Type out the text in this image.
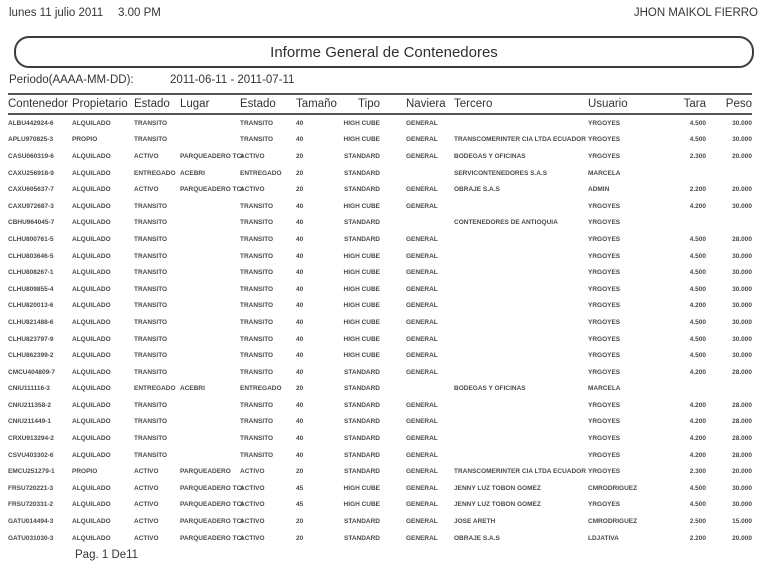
lunes 11 julio 2011 3.00 PM	JHON MAIKOL FIERRO
Informe General de Contenedores
Periodo(AAAA-MM-DD):	2011-06-11 - 2011-07-11
Contenedor	Propietario	Estado	Lugar	Estado	Tamaño	Tipo	Naviera	Tercero	Usuario	Tara	Peso
ALBU442924-6	ALQUILADO	TRANSITO		TRANSITO	40	HIGH CUBE	GENERAL		YRGOYES	4.500	30.000
APLU970825-3	PROPIO	TRANSITO		TRANSITO	40	HIGH CUBE	GENERAL	TRANSCOMERINTER CIA LTDA ECUADOR	YRGOYES	4.500	30.000
CASU060319-6	ALQUILADO	ACTIVO	PARQUEADERO TCI	ACTIVO	20	STANDARD	GENERAL	BODEGAS Y OFICINAS	YRGOYES	2.300	20.000
CAXU256918-9	ALQUILADO	ENTREGADO	ACEBRI	ENTREGADO	20	STANDARD		SERVICONTENEDORES S.A.S	MARCELA		
CAXU605637-7	ALQUILADO	ACTIVO	PARQUEADERO TCI	ACTIVO	20	STANDARD	GENERAL	OBRAJE S.A.S	ADMIN	2.200	20.000
CAXU972687-3	ALQUILADO	TRANSITO		TRANSITO	40	HIGH CUBE	GENERAL		YRGOYES	4.200	30.000
CBHU964045-7	ALQUILADO	TRANSITO		TRANSITO	40	STANDARD		CONTENEDORES DE ANTIOQUIA	YRGOYES		
CLHU800761-5	ALQUILADO	TRANSITO		TRANSITO	40	STANDARD	GENERAL		YRGOYES	4.500	28.000
CLHU803646-5	ALQUILADO	TRANSITO		TRANSITO	40	HIGH CUBE	GENERAL		YRGOYES	4.500	30.000
CLHU808267-1	ALQUILADO	TRANSITO		TRANSITO	40	HIGH CUBE	GENERAL		YRGOYES	4.500	30.000
CLHU809855-4	ALQUILADO	TRANSITO		TRANSITO	40	HIGH CUBE	GENERAL		YRGOYES	4.500	30.000
CLHU820013-6	ALQUILADO	TRANSITO		TRANSITO	40	HIGH CUBE	GENERAL		YRGOYES	4.200	30.000
CLHU821488-6	ALQUILADO	TRANSITO		TRANSITO	40	HIGH CUBE	GENERAL		YRGOYES	4.500	30.000
CLHU823797-9	ALQUILADO	TRANSITO		TRANSITO	40	HIGH CUBE	GENERAL		YRGOYES	4.500	30.000
CLHU862399-2	ALQUILADO	TRANSITO		TRANSITO	40	HIGH CUBE	GENERAL		YRGOYES	4.500	30.000
CMCU404809-7	ALQUILADO	TRANSITO		TRANSITO	40	STANDARD	GENERAL		YRGOYES	4.200	28.000
CNIU111116-3	ALQUILADO	ENTREGADO	ACEBRI	ENTREGADO	20	STANDARD		BODEGAS Y OFICINAS	MARCELA		
CNIU211358-2	ALQUILADO	TRANSITO		TRANSITO	40	STANDARD	GENERAL		YRGOYES	4.200	28.000
CNIU211449-1	ALQUILADO	TRANSITO		TRANSITO	40	STANDARD	GENERAL		YRGOYES	4.200	28.000
CRXU913294-2	ALQUILADO	TRANSITO		TRANSITO	40	STANDARD	GENERAL		YRGOYES	4.200	28.000
CSVU403302-6	ALQUILADO	TRANSITO		TRANSITO	40	STANDARD	GENERAL		YRGOYES	4.200	28.000
EMCU251279-1	PROPIO	ACTIVO	PARQUEADERO	ACTIVO	20	STANDARD	GENERAL	TRANSCOMERINTER CIA LTDA ECUADOR	YRGOYES	2.300	20.000
FRSU720221-3	ALQUILADO	ACTIVO	PARQUEADERO TCI	ACTIVO	45	HIGH CUBE	GENERAL	JENNY LUZ TOBON GOMEZ	CMRODRIGUEZ	4.500	30.000
FRSU720331-2	ALQUILADO	ACTIVO	PARQUEADERO TCI	ACTIVO	45	HIGH CUBE	GENERAL	JENNY LUZ TOBON GOMEZ	YRGOYES	4.500	30.000
GATU014494-3	ALQUILADO	ACTIVO	PARQUEADERO TCI	ACTIVO	20	STANDARD	GENERAL	JOSE ARETH	CMRODRIGUEZ	2.500	15.000
GATU031030-3	ALQUILADO	ACTIVO	PARQUEADERO TCI	ACTIVO	20	STANDARD	GENERAL	OBRAJE S.A.S	LDJATIVA	2.200	20.000
Pag. 1 De11
